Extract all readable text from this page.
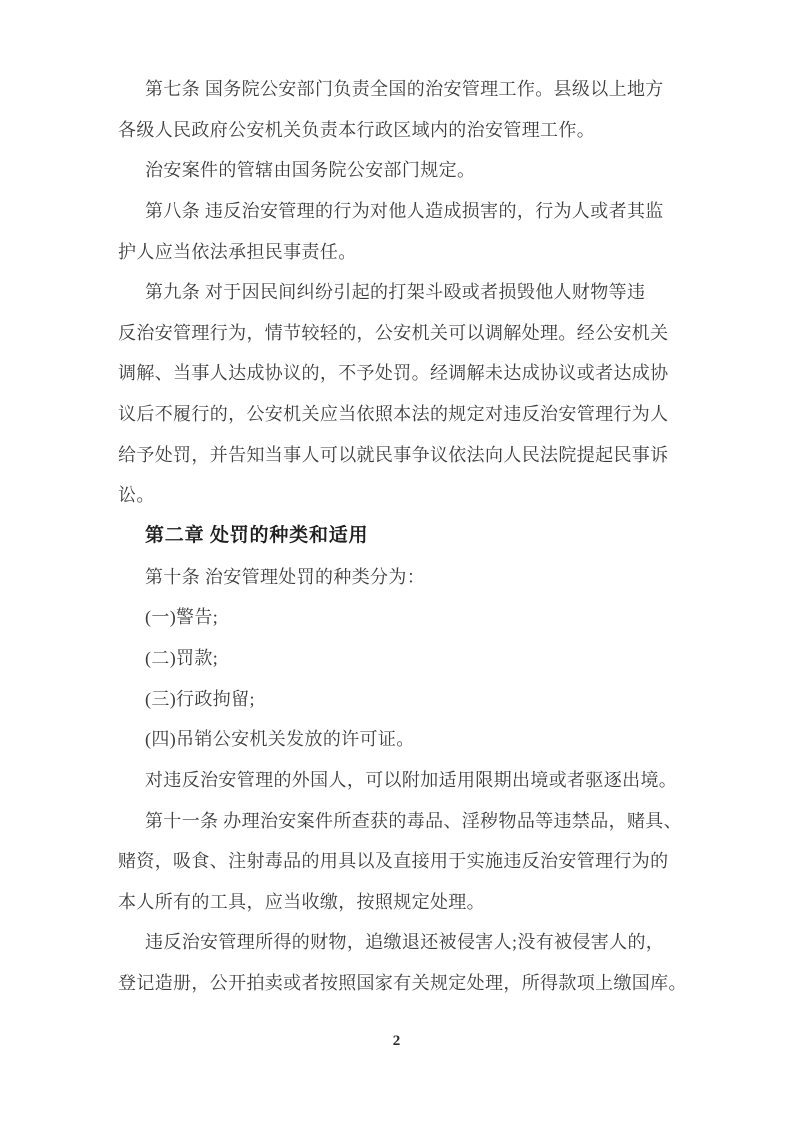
第七条 国务院公安部门负责全国的治安管理工作。县级以上地方
各级人民政府公安机关负责本行政区域内的治安管理工作。
治安案件的管辖由国务院公安部门规定。
第八条 违反治安管理的行为对他人造成损害的，行为人或者其监
护人应当依法承担民事责任。
第九条 对于因民间纠纷引起的打架斗殴或者损毁他人财物等违
反治安管理行为，情节较轻的，公安机关可以调解处理。经公安机关
调解、当事人达成协议的，不予处罚。经调解未达成协议或者达成协
议后不履行的，公安机关应当依照本法的规定对违反治安管理行为人
给予处罚，并告知当事人可以就民事争议依法向人民法院提起民事诉
讼。
第二章 处罚的种类和适用
第十条 治安管理处罚的种类分为：
(一)警告;
(二)罚款;
(三)行政拘留;
(四)吊销公安机关发放的许可证。
对违反治安管理的外国人，可以附加适用限期出境或者驱逐出境。
第十一条 办理治安案件所查获的毒品、淫秽物品等违禁品，赌具、
赌资，吸食、注射毒品的用具以及直接用于实施违反治安管理行为的
本人所有的工具，应当收缴，按照规定处理。
违反治安管理所得的财物，追缴退还被侵害人;没有被侵害人的，
登记造册，公开拍卖或者按照国家有关规定处理，所得款项上缴国库。
2
